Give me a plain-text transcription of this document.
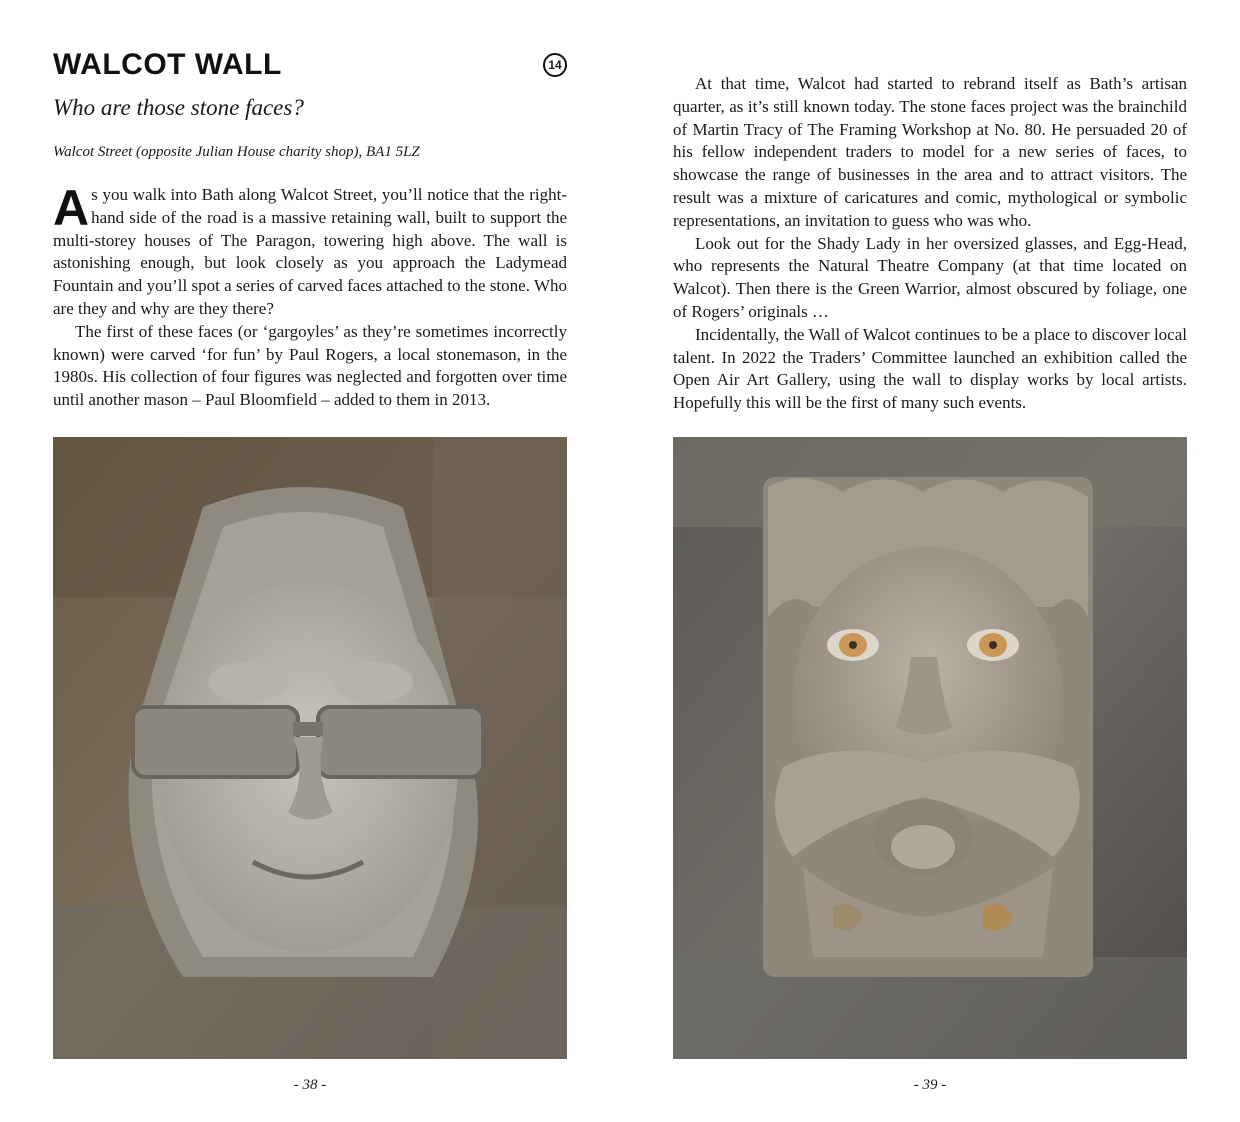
WALCOT WALL	14
Who are those stone faces?

Walcot Street (opposite Julian House charity shop), BA1 5LZ

As you walk into Bath along Walcot Street, you’ll notice that the right-hand side of the road is a massive retaining wall, built to support the multi-storey houses of The Paragon, towering high above. The wall is astonishing enough, but look closely as you approach the Ladymead Fountain and you’ll spot a series of carved faces attached to the stone. Who are they and why are they there?

The first of these faces (or ‘gargoyles’ as they’re sometimes incorrectly known) were carved ‘for fun’ by Paul Rogers, a local stonemason, in the 1980s. His collection of four figures was neglected and forgotten over time until another mason – Paul Bloomfield – added to them in 2013.

- 38 -

At that time, Walcot had started to rebrand itself as Bath’s artisan quarter, as it’s still known today. The stone faces project was the brainchild of Martin Tracy of The Framing Workshop at No. 80. He persuaded 20 of his fellow independent traders to model for a new series of faces, to showcase the range of businesses in the area and to attract visitors. The result was a mixture of caricatures and comic, mythological or symbolic representations, an invitation to guess who was who.

Look out for the Shady Lady in her oversized glasses, and Egg-Head, who represents the Natural Theatre Company (at that time located on Walcot). Then there is the Green Warrior, almost obscured by foliage, one of Rogers’ originals …

Incidentally, the Wall of Walcot continues to be a place to discover local talent. In 2022 the Traders’ Committee launched an exhibition called the Open Air Art Gallery, using the wall to display works by local artists. Hopefully this will be the first of many such events.

- 39 -
